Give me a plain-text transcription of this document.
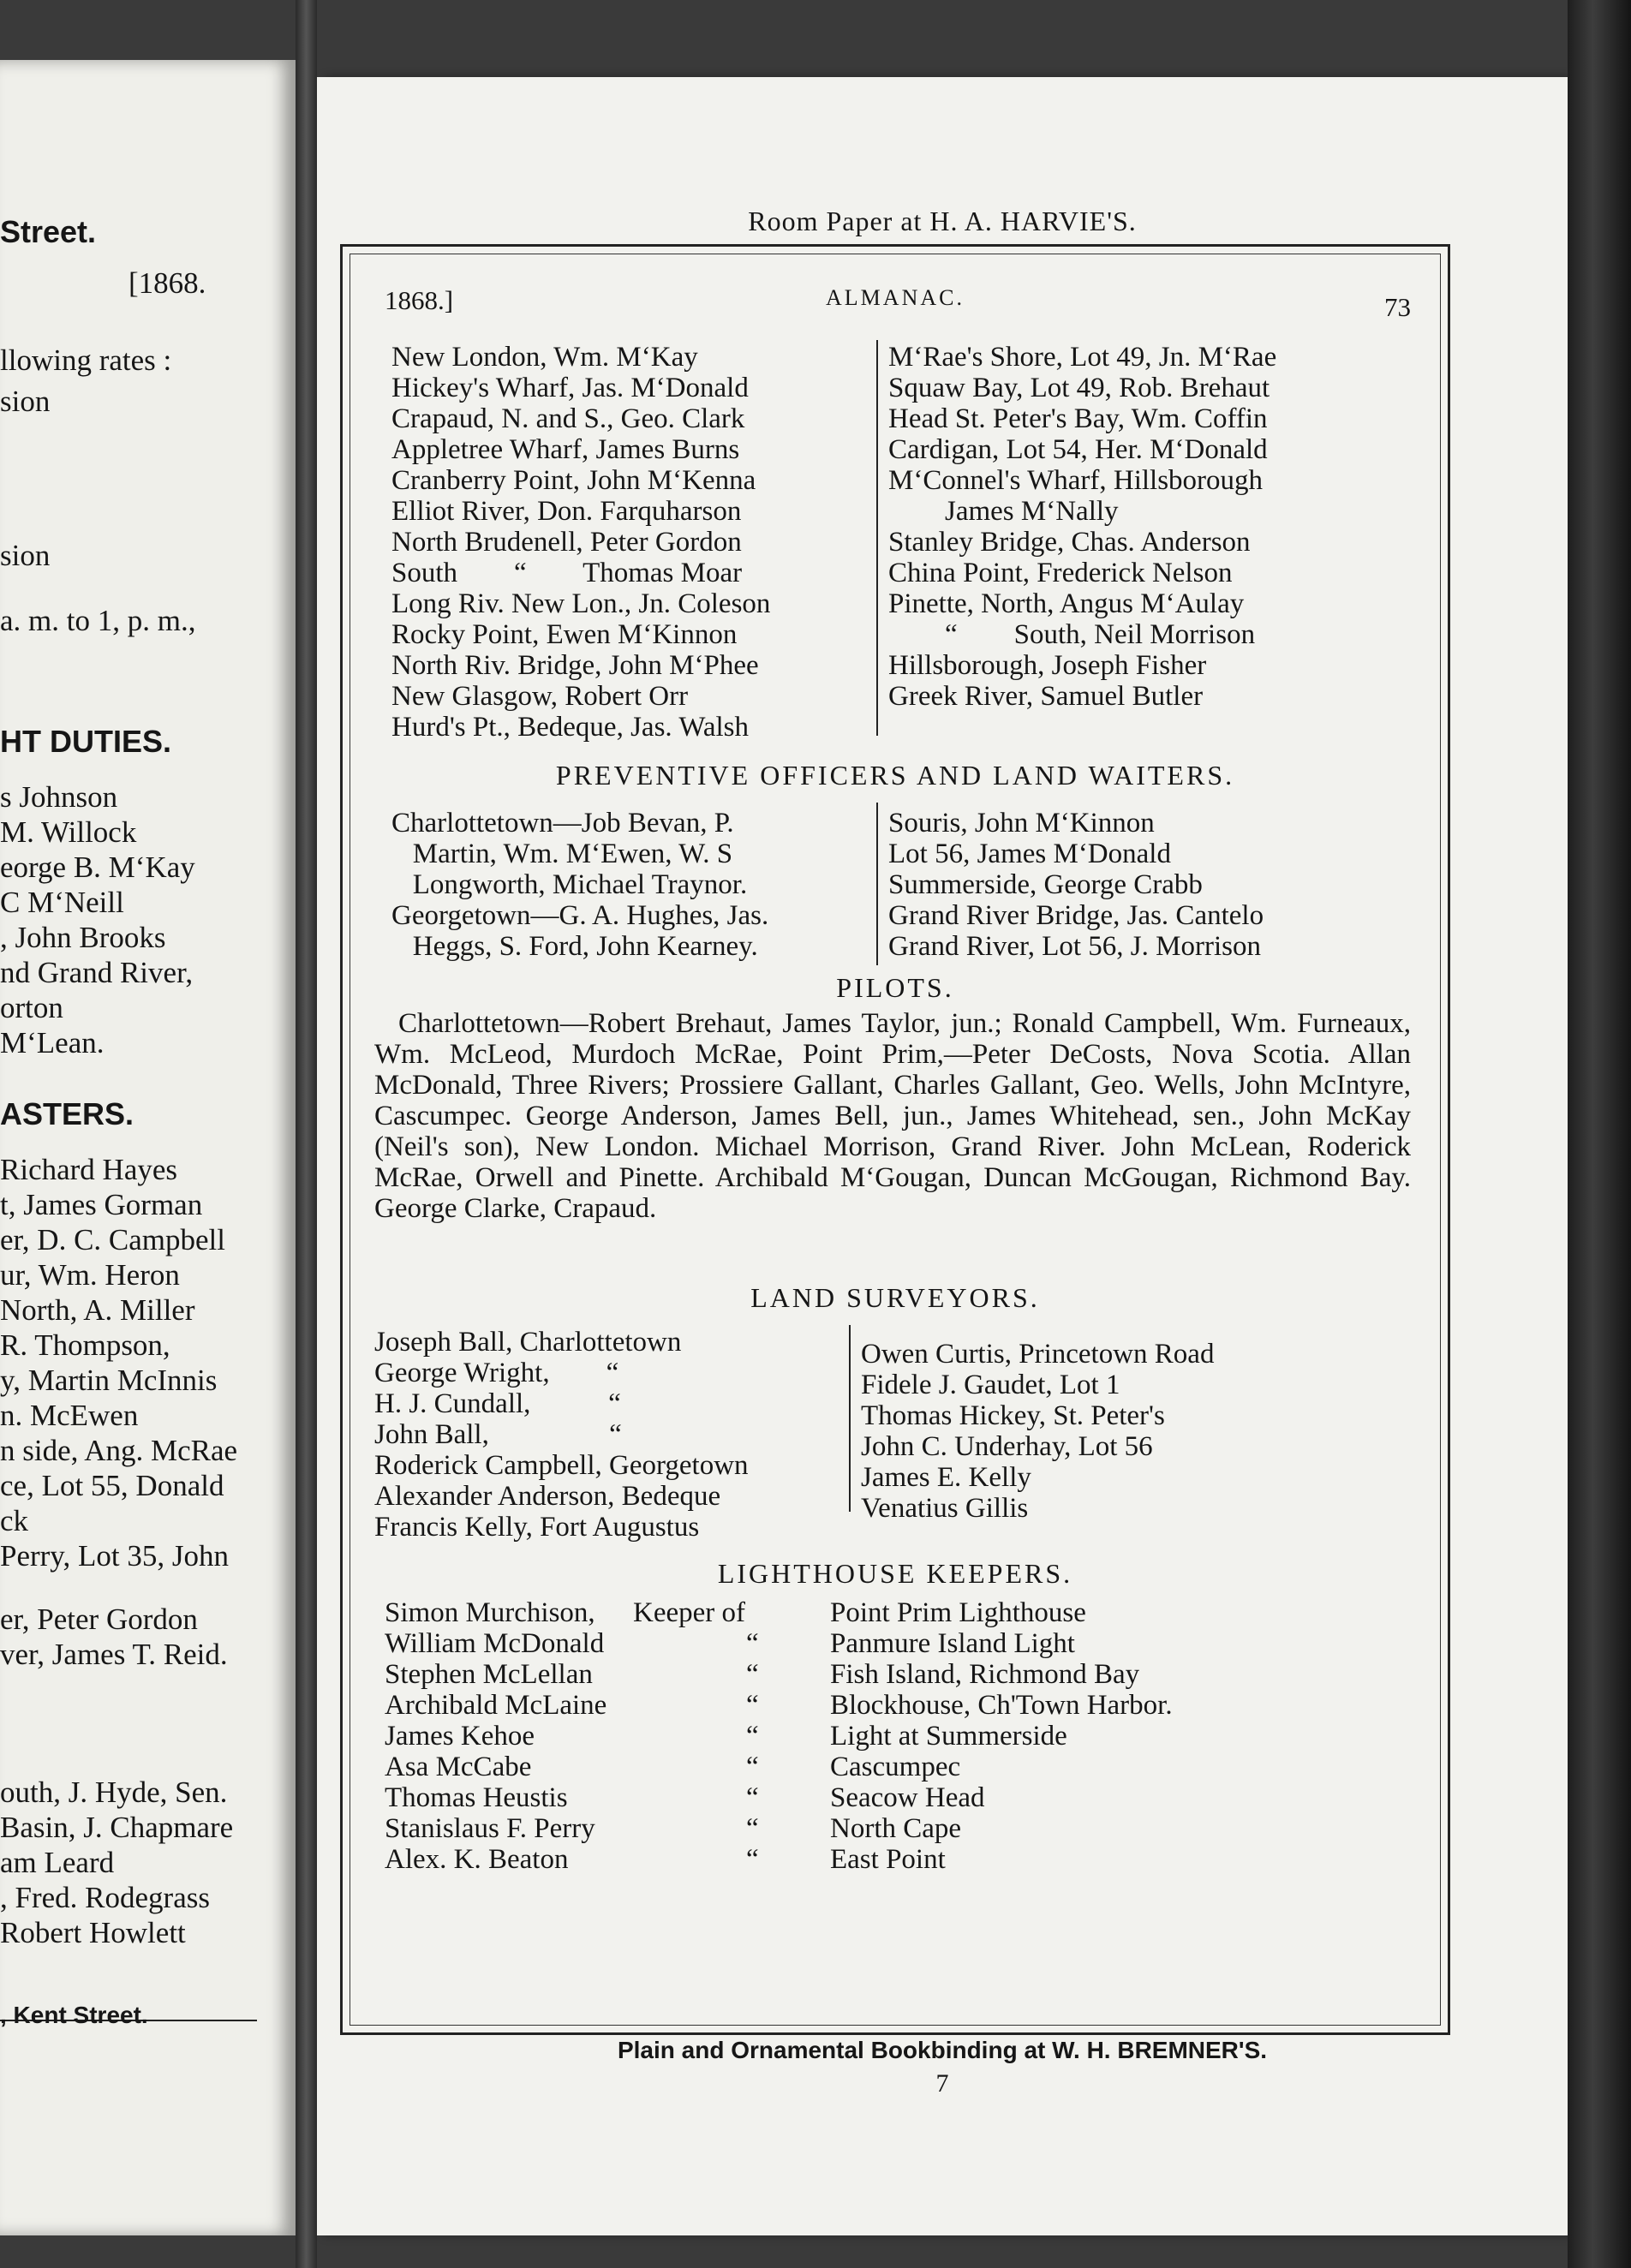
Street.
[1868.
llowing rates :
sion
sion
a. m. to 1, p. m.,
HT DUTIES.
s Johnson
M. Willock
eorge B. M‘Kay
C M‘Neill
, John Brooks
nd Grand River,
orton
M‘Lean.
ASTERS.
Richard Hayes
t, James Gorman
er, D. C. Campbell
ur, Wm. Heron
North, A. Miller
R. Thompson,
y, Martin McInnis
n. McEwen
n side, Ang. McRae
ce, Lot 55, Donald
ck
Perry, Lot 35, John
er, Peter Gordon
ver, James T. Reid.
outh, J. Hyde, Sen.
Basin, J. Chapmare
am Leard
, Fred. Rodegrass
Robert Howlett
, Kent Street.
Room Paper at H. A. HARVIE'S.
1868.]	ALMANAC.	73
New London, Wm. M‘Kay
Hickey's Wharf, Jas. M‘Donald
Crapaud, N. and S., Geo. Clark
Appletree Wharf, James Burns
Cranberry Point, John M‘Kenna
Elliot River, Don. Farquharson
North Brudenell, Peter Gordon
South        “        Thomas Moar
Long Riv. New Lon., Jn. Coleson
Rocky Point, Ewen M‘Kinnon
North Riv. Bridge, John M‘Phee
New Glasgow, Robert Orr
Hurd's Pt., Bedeque, Jas. Walsh
M‘Rae's Shore, Lot 49, Jn. M‘Rae
Squaw Bay, Lot 49, Rob. Brehaut
Head St. Peter's Bay, Wm. Coffin
Cardigan, Lot 54, Her. M‘Donald
M‘Connel's Wharf, Hillsborough
James M‘Nally
Stanley Bridge, Chas. Anderson
China Point, Frederick Nelson
Pinette, North, Angus M‘Aulay
“        South, Neil Morrison
Hillsborough, Joseph Fisher
Greek River, Samuel Butler
PREVENTIVE OFFICERS AND LAND WAITERS.
Charlottetown—Job Bevan, P.
Martin, Wm. M‘Ewen, W. S
Longworth, Michael Traynor.
Georgetown—G. A. Hughes, Jas.
Heggs, S. Ford, John Kearney.
Souris, John M‘Kinnon
Lot 56, James M‘Donald
Summerside, George Crabb
Grand River Bridge, Jas. Cantelo
Grand River, Lot 56, J. Morrison
PILOTS.
Charlottetown—Robert Brehaut, James Taylor, jun.; Ronald Campbell, Wm. Furneaux, Wm. McLeod, Murdoch McRae, Point Prim,—Peter DeCosts, Nova Scotia. Allan McDonald, Three Rivers; Prossiere Gallant, Charles Gallant, Geo. Wells, John McIntyre, Cascumpec. George Anderson, James Bell, jun., James Whitehead, sen., John McKay (Neil's son), New London. Michael Morrison, Grand River. John McLean, Roderick McRae, Orwell and Pinette. Archibald M‘Gougan, Duncan McGougan, Richmond Bay. George Clarke, Crapaud.
LAND SURVEYORS.
Joseph Ball, Charlottetown
George Wright,        “
H. J. Cundall,           “
John Ball,                 “
Roderick Campbell, Georgetown
Alexander Anderson, Bedeque
Francis Kelly, Fort Augustus
Owen Curtis, Princetown Road
Fidele J. Gaudet, Lot 1
Thomas Hickey, St. Peter's
John C. Underhay, Lot 56
James E. Kelly
Venatius Gillis
LIGHTHOUSE KEEPERS.
Simon Murchison, Keeper of	Point Prim Lighthouse
William McDonald	“	Panmure Island Light
Stephen McLellan	“	Fish Island, Richmond Bay
Archibald McLaine	“	Blockhouse, Ch'Town Harbor.
James Kehoe	“	Light at Summerside
Asa McCabe	“	Cascumpec
Thomas Heustis	“	Seacow Head
Stanislaus F. Perry	“	North Cape
Alex. K. Beaton	“	East Point
Plain and Ornamental Bookbinding at W. H. BREMNER'S.
7
